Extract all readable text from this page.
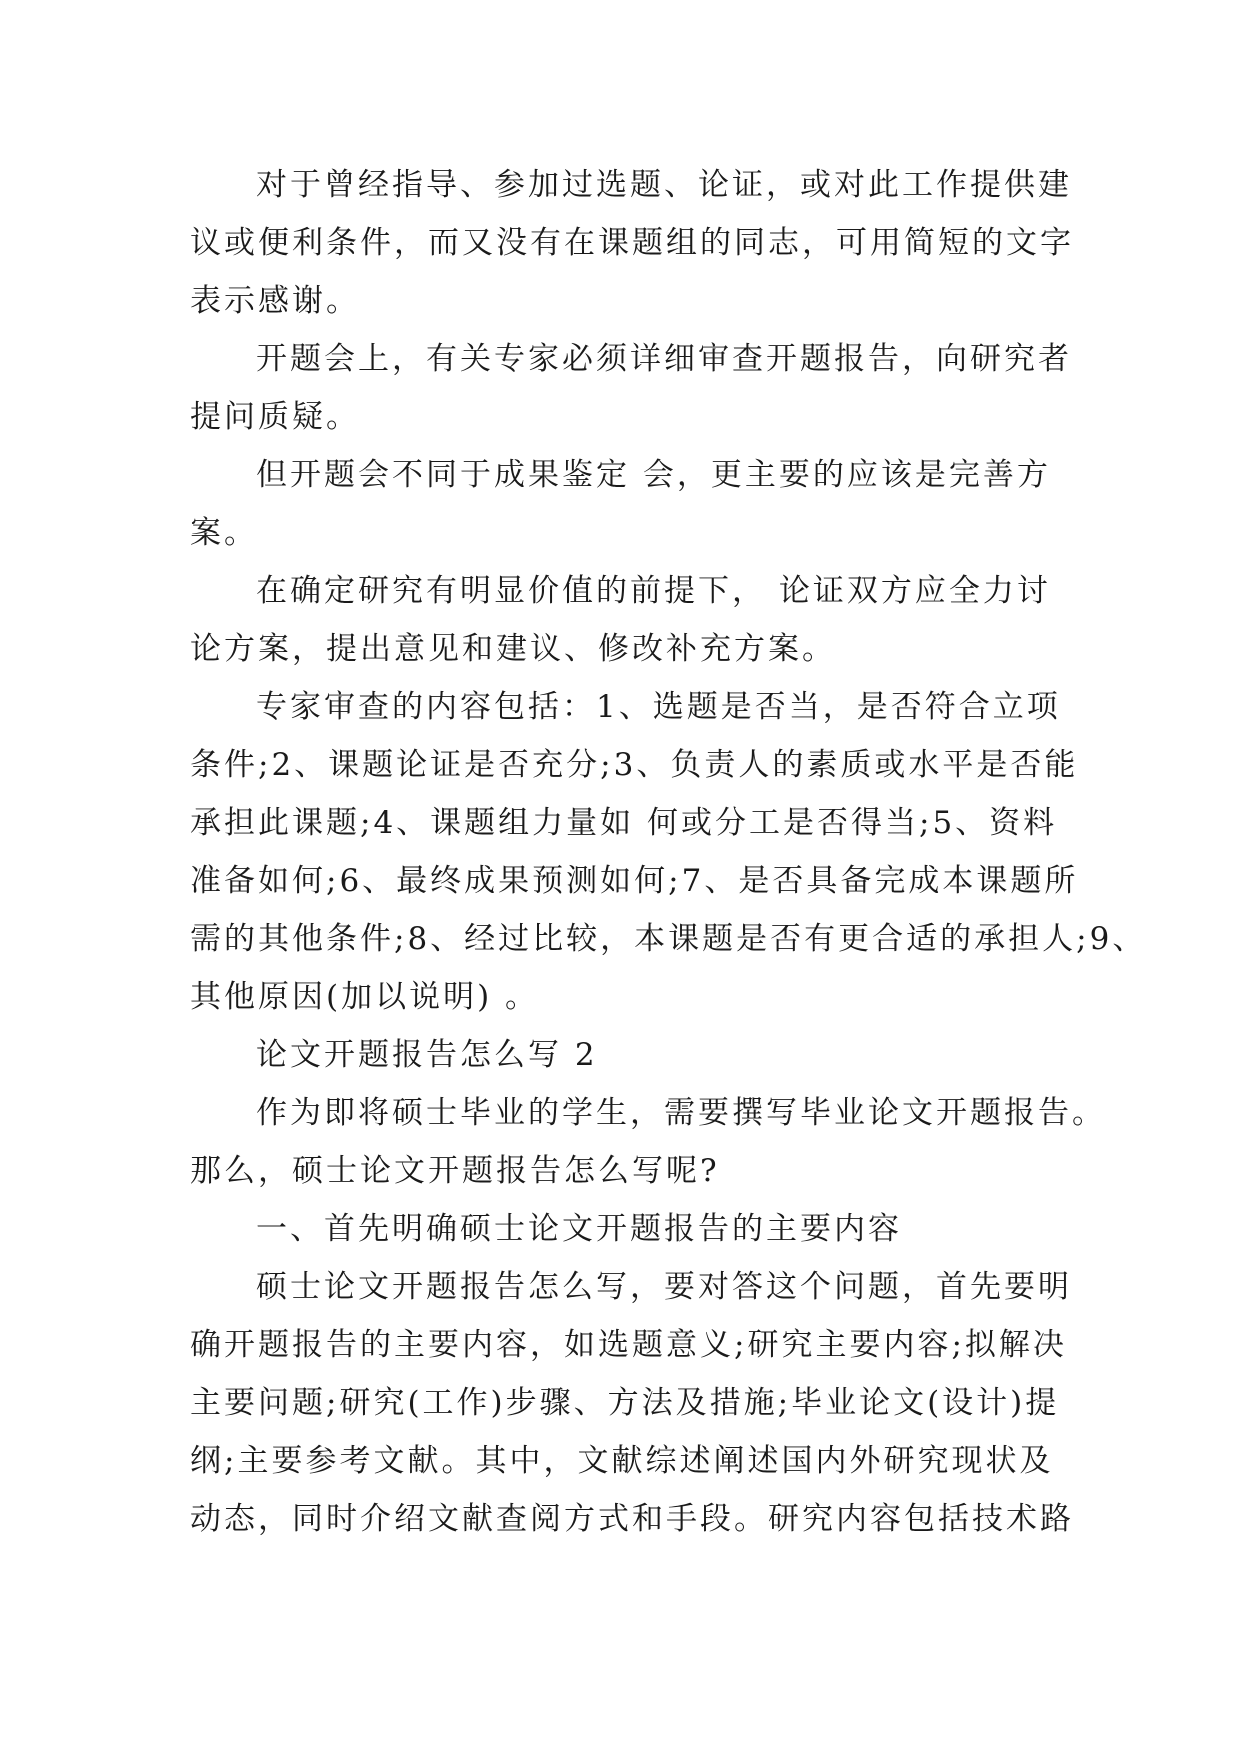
对于曾经指导、参加过选题、论证，或对此工作提供建
议或便利条件，而又没有在课题组的同志，可用简短的文字
表示感谢。

开题会上，有关专家必须详细审查开题报告，向研究者
提问质疑。

但开题会不同于成果鉴定 会，更主要的应该是完善方
案。

在确定研究有明显价值的前提下， 论证双方应全力讨
论方案，提出意见和建议、修改补充方案。

专家审查的内容包括：1、选题是否当，是否符合立项
条件;2、课题论证是否充分;3、负责人的素质或水平是否能
承担此课题;4、课题组力量如 何或分工是否得当;5、资料
准备如何;6、最终成果预测如何;7、是否具备完成本课题所
需的其他条件;8、经过比较，本课题是否有更合适的承担人;9、
其他原因(加以说明) 。

论文开题报告怎么写 2

作为即将硕士毕业的学生，需要撰写毕业论文开题报告。
那么，硕士论文开题报告怎么写呢?

一、首先明确硕士论文开题报告的主要内容

硕士论文开题报告怎么写，要对答这个问题，首先要明
确开题报告的主要内容，如选题意义;研究主要内容;拟解决
主要问题;研究(工作)步骤、方法及措施;毕业论文(设计)提
纲;主要参考文献。其中，文献综述阐述国内外研究现状及
动态，同时介绍文献查阅方式和手段。研究内容包括技术路
